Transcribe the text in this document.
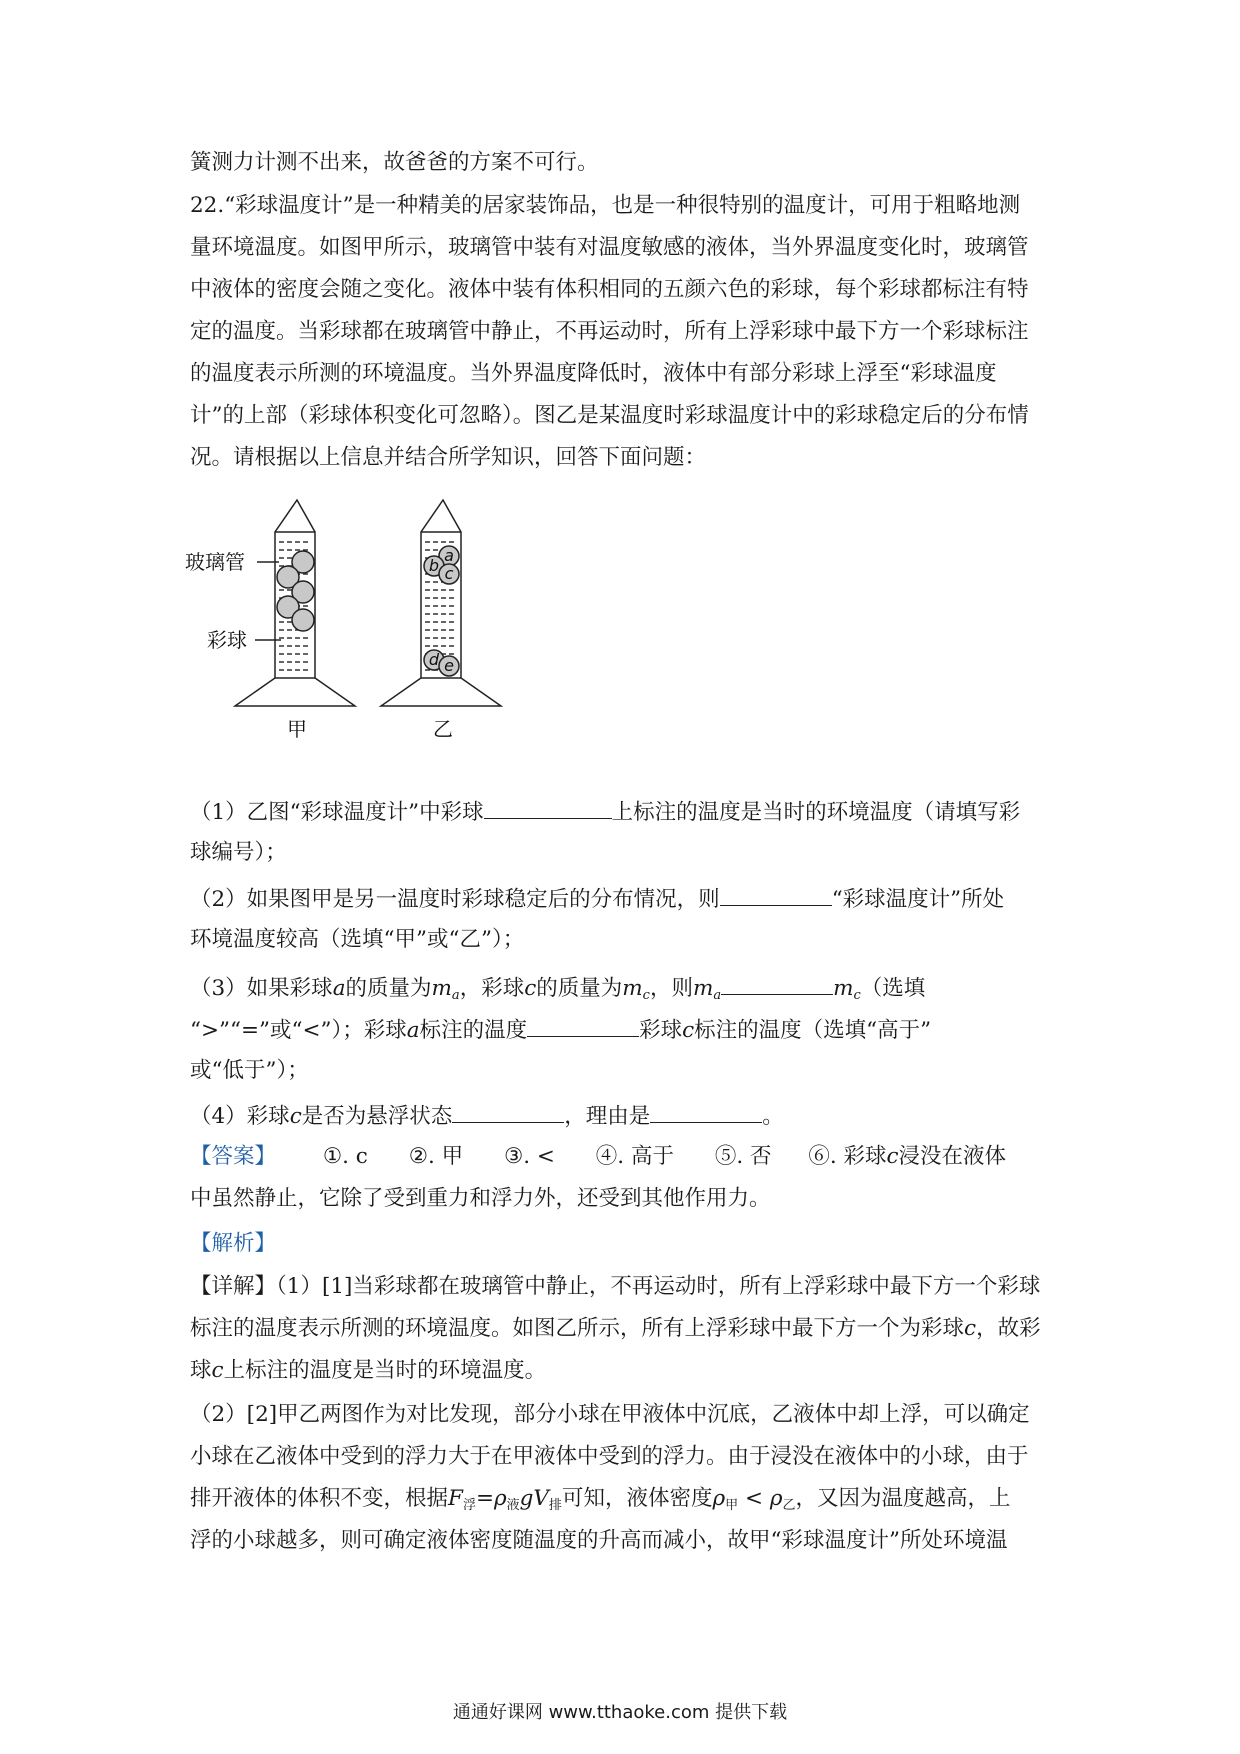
簧测力计测不出来，故爸爸的方案不可行。
22.“彩球温度计”是一种精美的居家装饰品，也是一种很特别的温度计，可用于粗略地测
量环境温度。如图甲所示，玻璃管中装有对温度敏感的液体，当外界温度变化时，玻璃管
中液体的密度会随之变化。液体中装有体积相同的五颜六色的彩球，每个彩球都标注有特
定的温度。当彩球都在玻璃管中静止，不再运动时，所有上浮彩球中最下方一个彩球标注
的温度表示所测的环境温度。当外界温度降低时，液体中有部分彩球上浮至“彩球温度
计”的上部（彩球体积变化可忽略）。图乙是某温度时彩球温度计中的彩球稳定后的分布情
况。请根据以上信息并结合所学知识，回答下面问题：
a
b c
d e
玻璃管
彩球
甲	乙
（1）乙图“彩球温度计”中彩球	上标注的温度是当时的环境温度（请填写彩
球编号）；
（2）如果图甲是另一温度时彩球稳定后的分布情况，则	“彩球温度计”所处
环境温度较高（选填“甲”或“乙”）；
（3）如果彩球a的质量为$m_a$，彩球c的质量为$m_c$，则$m_a$	$m_c$（选填
“>”“=”或“<”）；彩球a标注的温度	彩球c标注的温度（选填“高于”
或“低于”）；
（4）彩球c是否为悬浮状态	，理由是	。
【答案】 ①. c ②. 甲 ③. < ④. 高于 ⑤. 否 ⑥. 彩球c浸没在液体
中虽然静止，它除了受到重力和浮力外，还受到其他作用力。
【解析】
【详解】（1）[1]当彩球都在玻璃管中静止，不再运动时，所有上浮彩球中最下方一个彩球
标注的温度表示所测的环境温度。如图乙所示，所有上浮彩球中最下方一个为彩球c，故彩
球c上标注的温度是当时的环境温度。
（2）[2]甲乙两图作为对比发现，部分小球在甲液体中沉底，乙液体中却上浮，可以确定
小球在乙液体中受到的浮力大于在甲液体中受到的浮力。由于浸没在液体中的小球，由于
排开液体的体积不变，根据$F_浮=\rho_液gV_排$可知，液体密度$\rho_甲 < \rho_乙$，又因为温度越高，上
浮的小球越多，则可确定液体密度随温度的升高而减小，故甲“彩球温度计”所处环境温
通通好课网 www.tthaoke.com 提供下载
